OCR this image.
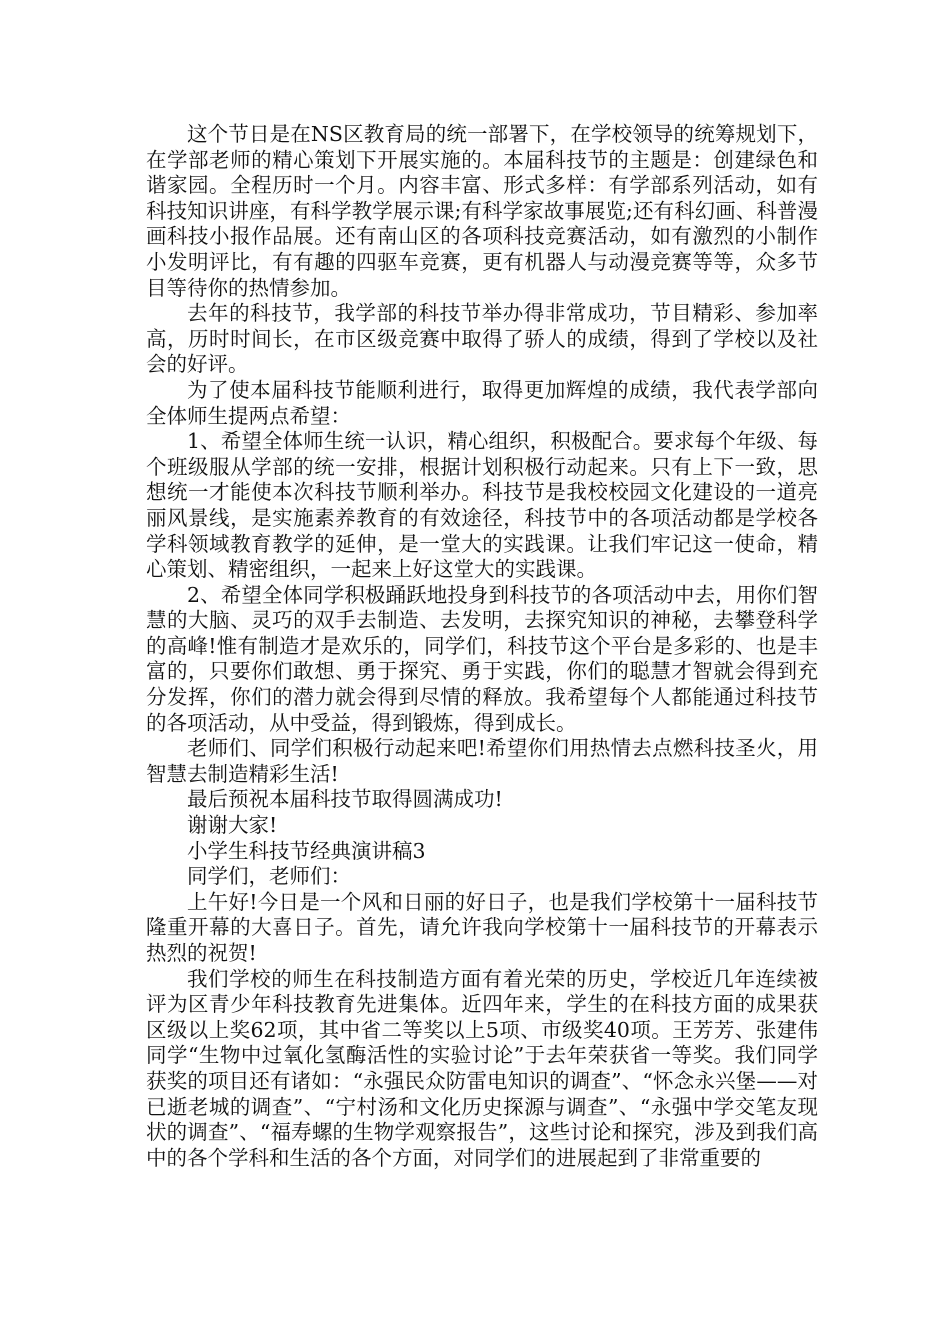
这个节日是在NS区教育局的统一部署下，在学校领导的统筹规划下，在学部老师的精心策划下开展实施的。本届科技节的主题是：创建绿色和谐家园。全程历时一个月。内容丰富、形式多样：有学部系列活动，如有科技知识讲座，有科学教学展示课;有科学家故事展览;还有科幻画、科普漫画科技小报作品展。还有南山区的各项科技竞赛活动，如有激烈的小制作小发明评比，有有趣的四驱车竞赛，更有机器人与动漫竞赛等等，众多节目等待你的热情参加。

去年的科技节，我学部的科技节举办得非常成功，节目精彩、参加率高，历时时间长，在市区级竞赛中取得了骄人的成绩，得到了学校以及社会的好评。

为了使本届科技节能顺利进行，取得更加辉煌的成绩，我代表学部向全体师生提两点希望：

1、希望全体师生统一认识，精心组织，积极配合。要求每个年级、每个班级服从学部的统一安排，根据计划积极行动起来。只有上下一致，思想统一才能使本次科技节顺利举办。科技节是我校校园文化建设的一道亮丽风景线，是实施素养教育的有效途径，科技节中的各项活动都是学校各学科领域教育教学的延伸，是一堂大的实践课。让我们牢记这一使命，精心策划、精密组织，一起来上好这堂大的实践课。

2、希望全体同学积极踊跃地投身到科技节的各项活动中去，用你们智慧的大脑、灵巧的双手去制造、去发明，去探究知识的神秘，去攀登科学的高峰!惟有制造才是欢乐的，同学们，科技节这个平台是多彩的、也是丰富的，只要你们敢想、勇于探究、勇于实践，你们的聪慧才智就会得到充分发挥，你们的潜力就会得到尽情的释放。我希望每个人都能通过科技节的各项活动，从中受益，得到锻炼，得到成长。

老师们、同学们积极行动起来吧!希望你们用热情去点燃科技圣火，用智慧去制造精彩生活!

最后预祝本届科技节取得圆满成功!

谢谢大家!

小学生科技节经典演讲稿3

同学们，老师们：

上午好!今日是一个风和日丽的好日子，也是我们学校第十一届科技节隆重开幕的大喜日子。首先，请允许我向学校第十一届科技节的开幕表示热烈的祝贺!

我们学校的师生在科技制造方面有着光荣的历史，学校近几年连续被评为区青少年科技教育先进集体。近四年来，学生的在科技方面的成果获区级以上奖62项，其中省二等奖以上5项、市级奖40项。王芳芳、张建伟同学“生物中过氧化氢酶活性的实验讨论”于去年荣获省一等奖。我们同学获奖的项目还有诸如：“永强民众防雷电知识的调查”、“怀念永兴堡——对已逝老城的调查”、“宁村汤和文化历史探源与调查”、“永强中学交笔友现状的调查”、“福寿螺的生物学观察报告”，这些讨论和探究，涉及到我们高中的各个学科和生活的各个方面，对同学们的进展起到了非常重要的
